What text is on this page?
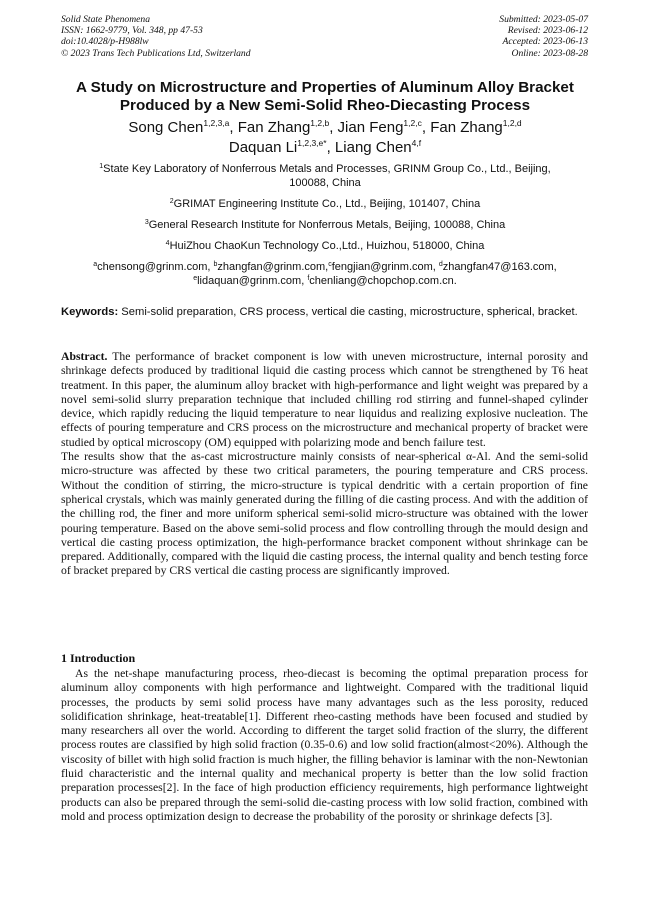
Solid State Phenomena
ISSN: 1662-9779, Vol. 348, pp 47-53
doi:10.4028/p-H988lw
© 2023 Trans Tech Publications Ltd, Switzerland
Submitted: 2023-05-07
Revised: 2023-06-12
Accepted: 2023-06-13
Online: 2023-08-28
A Study on Microstructure and Properties of Aluminum Alloy Bracket
Produced by a New Semi-Solid Rheo-Diecasting Process
Song Chen$^{1,2,3,a}$, Fan Zhang$^{1,2,b}$, Jian Feng$^{1,2,c}$, Fan Zhang$^{1,2,d}$
Daquan $Li^{1,2,3,e*}$, Liang Chen$^{4,f}$
$^1$State Key Laboratory of Nonferrous Metals and Processes, GRINM Group Co., Ltd., Beijing, 100088, China
$^2$GRIMAT Engineering Institute Co., Ltd., Beijing, 101407, China
$^3$General Research Institute for Nonferrous Metals, Beijing, 100088, China
$^4$HuiZhou ChaoKun Technology Co.,Ltd., Huizhou, 518000, China
$^a$chensong@grinm.com, $^b$zhangfan@grinm.com,$^c$fengjian@grinm.com, $^d$zhangfan47@163.com,
$^e$lidaquan@grinm.com, $^f$chenliang@chopchop.com.cn.
Keywords: Semi-solid preparation, CRS process, vertical die casting, microstructure, spherical, bracket.
Abstract. The performance of bracket component is low with uneven microstructure, internal porosity and shrinkage defects produced by traditional liquid die casting process which cannot be strengthened by T6 heat treatment. In this paper, the aluminum alloy bracket with high-performance and light weight was prepared by a novel semi-solid slurry preparation technique that included chilling rod stirring and funnel-shaped cylinder device, which rapidly reducing the liquid temperature to near liquidus and realizing explosive nucleation. The effects of pouring temperature and CRS process on the microstructure and mechanical property of bracket were studied by optical microscopy (OM) equipped with polarizing mode and bench failure test.
The results show that the as-cast microstructure mainly consists of near-spherical α-Al. And the semi-solid micro-structure was affected by these two critical parameters, the pouring temperature and CRS process. Without the condition of stirring, the micro-structure is typical dendritic with a certain proportion of fine spherical crystals, which was mainly generated during the filling of die casting process. And with the addition of the chilling rod, the finer and more uniform spherical semi-solid micro-structure was obtained with the lower pouring temperature. Based on the above semi-solid process and flow controlling through the mould design and vertical die casting process optimization, the high-performance bracket component without shrinkage can be prepared. Additionally, compared with the liquid die casting process, the internal quality and bench testing force of bracket prepared by CRS vertical die casting process are significantly improved.
1 Introduction
As the net-shape manufacturing process, rheo-diecast is becoming the optimal preparation process for aluminum alloy components with high performance and lightweight. Compared with the traditional liquid processes, the products by semi solid process have many advantages such as the less porosity, reduced solidification shrinkage, heat-treatable[1]. Different rheo-casting methods have been focused and studied by many researchers all over the world. According to different the target solid fraction of the slurry, the different process routes are classified by high solid fraction (0.35-0.6) and low solid fraction(almost<20%). Although the viscosity of billet with high solid fraction is much higher, the filling behavior is laminar with the non-Newtonian fluid characteristic and the internal quality and mechanical property is better than the low solid fraction preparation processes[2]. In the face of high production efficiency requirements, high performance lightweight products can also be prepared through the semi-solid die-casting process with low solid fraction, combined with mold and process optimization design to decrease the probability of the porosity or shrinkage defects [3].
